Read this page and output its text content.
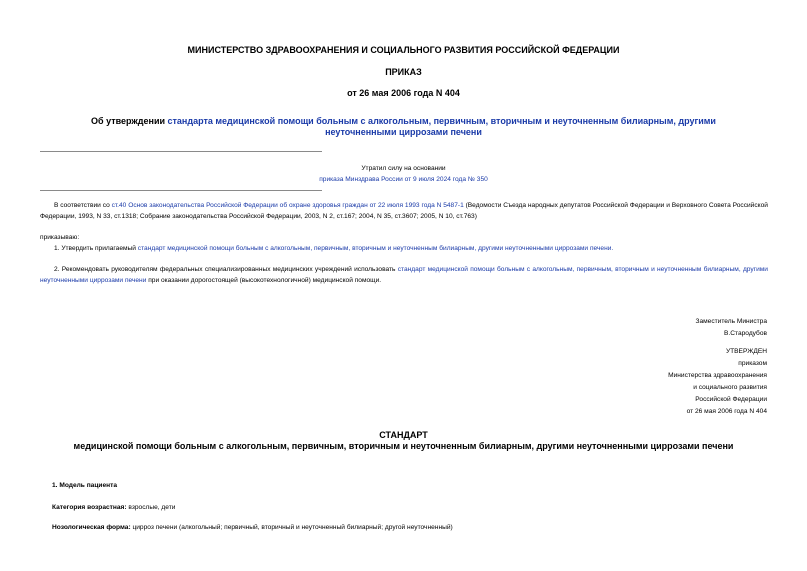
МИНИСТЕРСТВО ЗДРАВООХРАНЕНИЯ И СОЦИАЛЬНОГО РАЗВИТИЯ РОССИЙСКОЙ ФЕДЕРАЦИИ
ПРИКАЗ
от 26 мая 2006 года N 404
Об утверждении стандарта медицинской помощи больным с алкогольным, первичным, вторичным и неуточненным билиарным, другими неуточненными циррозами печени
Утратил силу на основании
приказа Минздрава России от 9 июля 2024 года № 350
В соответствии со ст.40 Основ законодательства Российской Федерации об охране здоровья граждан от 22 июля 1993 года N 5487-1 (Ведомости Съезда народных депутатов Российской Федерации и Верховного Совета Российской Федерации, 1993, N 33, ст.1318; Собрание законодательства Российской Федерации, 2003, N 2, ст.167; 2004, N 35, ст.3607; 2005, N 10, ст.763)
приказываю:
1. Утвердить прилагаемый стандарт медицинской помощи больным с алкогольным, первичным, вторичным и неуточненным билиарным, другими неуточненными циррозами печени.
2. Рекомендовать руководителям федеральных специализированных медицинских учреждений использовать стандарт медицинской помощи больным с алкогольным, первичным, вторичным и неуточненным билиарным, другими неуточненными циррозами печени при оказании дорогостоящей (высокотехнологичной) медицинской помощи.
Заместитель Министра
В.Стародубов
УТВЕРЖДЕН
приказом
Министерства здравоохранения
и социального развития
Российской Федерации
от 26 мая 2006 года N 404
СТАНДАРТ
медицинской помощи больным с алкогольным, первичным, вторичным и неуточненным билиарным, другими неуточненными циррозами печени
1. Модель пациента
Категория возрастная: взрослые, дети
Нозологическая форма: цирроз печени (алкогольный; первичный, вторичный и неуточненный билиарный; другой неуточненный)
